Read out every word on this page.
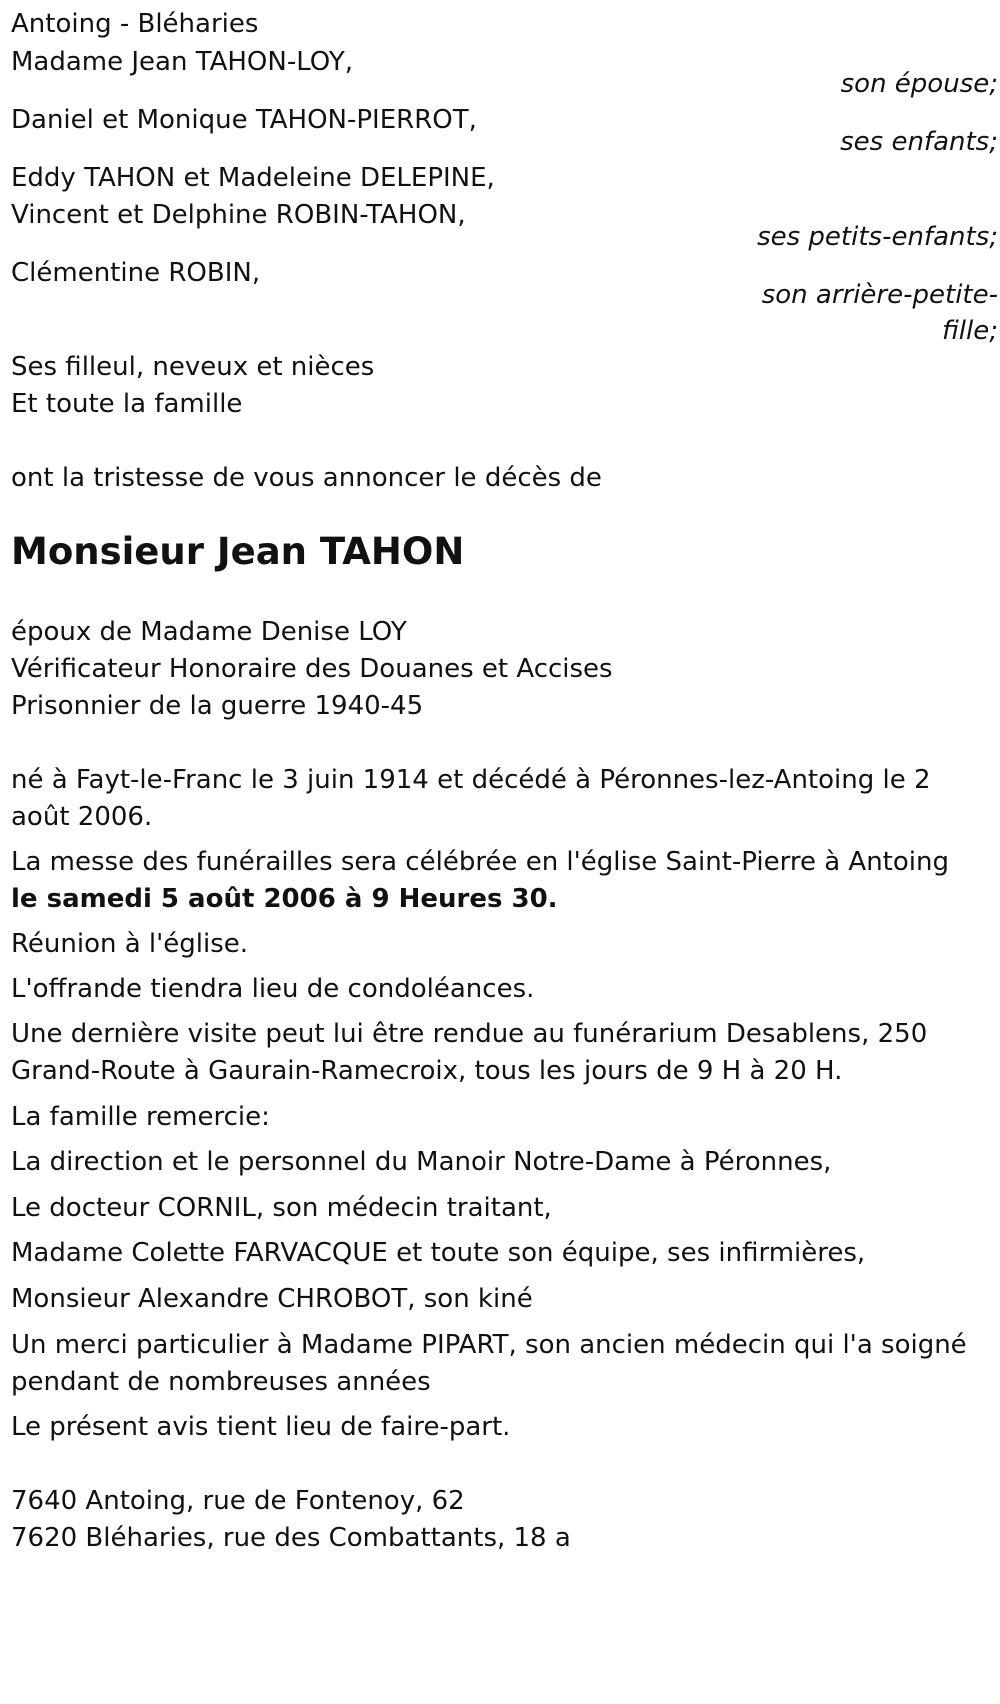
Antoing - Bléharies
Madame Jean TAHON-LOY,
son épouse;
Daniel et Monique TAHON-PIERROT,
ses enfants;
Eddy TAHON et Madeleine DELEPINE,
Vincent et Delphine ROBIN-TAHON,
ses petits-enfants;
Clémentine ROBIN,
son arrière-petite-
fille;
Ses filleul, neveux et nièces
Et toute la famille
ont la tristesse de vous annoncer le décès de
Monsieur Jean TAHON
époux de Madame Denise LOY
Vérificateur Honoraire des Douanes et Accises
Prisonnier de la guerre 1940-45
né à Fayt-le-Franc le 3 juin 1914 et décédé à Péronnes-lez-Antoing le 2
août 2006.
La messe des funérailles sera célébrée en l'église Saint-Pierre à Antoing
le samedi 5 août 2006 à 9 Heures 30.
Réunion à l'église.
L'offrande tiendra lieu de condoléances.
Une dernière visite peut lui être rendue au funérarium Desablens, 250
Grand-Route à Gaurain-Ramecroix, tous les jours de 9 H à 20 H.
La famille remercie:
La direction et le personnel du Manoir Notre-Dame à Péronnes,
Le docteur CORNIL, son médecin traitant,
Madame Colette FARVACQUE et toute son équipe, ses infirmières,
Monsieur Alexandre CHROBOT, son kiné
Un merci particulier à Madame PIPART, son ancien médecin qui l'a soigné
pendant de nombreuses années
Le présent avis tient lieu de faire-part.
7640 Antoing, rue de Fontenoy, 62
7620 Bléharies, rue des Combattants, 18 a
